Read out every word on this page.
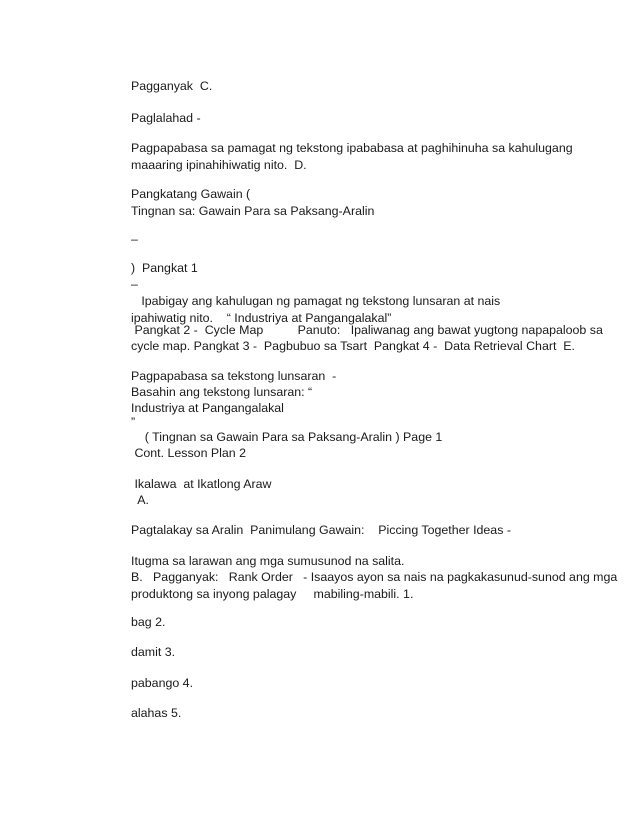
Pagganyak  C.
Paglalahad -
Pagpapabasa sa pamagat ng tekstong ipababasa at paghihinuha sa kahulugang
maaaring ipinahihiwatig nito.  D.
Pangkatang Gawain (
Tingnan sa: Gawain Para sa Paksang-Aralin
–
)  Pangkat 1
–
Ipabigay ang kahulugan ng pamagat ng tekstong lunsaran at nais
ipahiwatig nito.    “ Industriya at Pangangalakal”
Pangkat 2 -  Cycle Map          Panuto:   Ipaliwanag ang bawat yugtong napapaloob sa
cycle map. Pangkat 3 -  Pagbubuo sa Tsart  Pangkat 4 -  Data Retrieval Chart  E.
Pagpapabasa sa tekstong lunsaran  -
Basahin ang tekstong lunsaran: “
Industriya at Pangangalakal
”
( Tingnan sa Gawain Para sa Paksang-Aralin ) Page 1
Cont. Lesson Plan 2
Ikalawa  at Ikatlong Araw
A.
Pagtalakay sa Aralin  Panimulang Gawain:    Piccing Together Ideas -
Itugma sa larawan ang mga sumusunod na salita.
B.   Pagganyak:   Rank Order   - Isaayos ayon sa nais na pagkakasunud-sunod ang mga
produktong sa inyong palagay     mabiling-mabili. 1.
bag 2.
damit 3.
pabango 4.
alahas 5.
